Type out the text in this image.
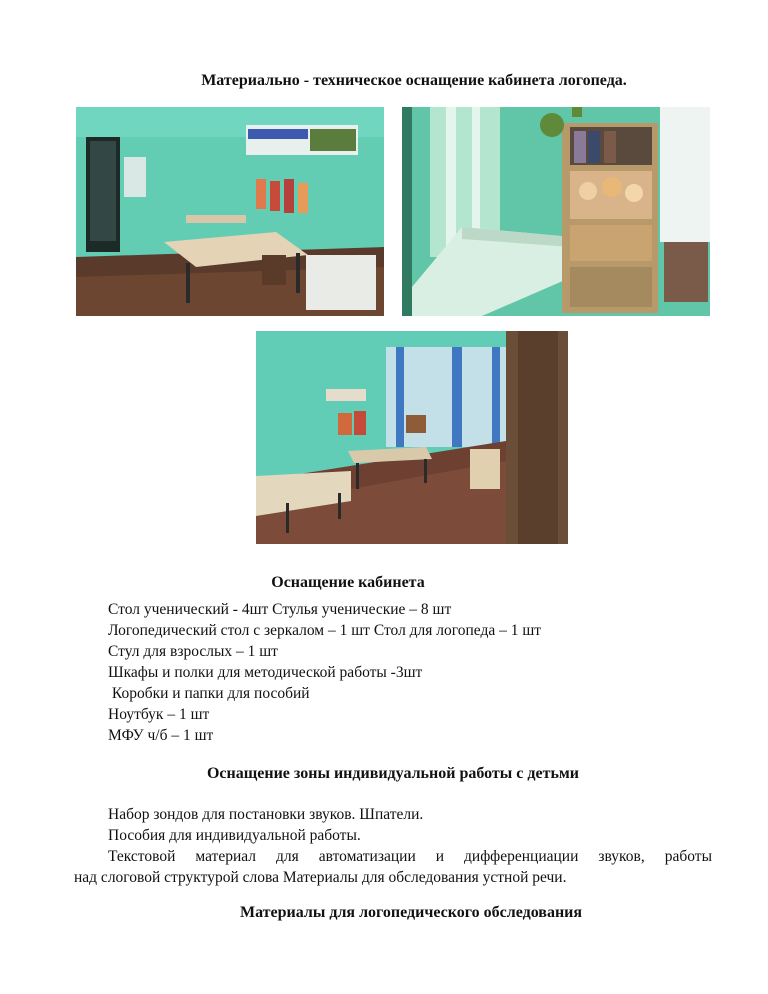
Материально - техническое оснащение кабинета логопеда.
Оснащение кабинета
Стол ученический - 4шт Стулья ученические – 8 шт
Логопедический стол с зеркалом – 1 шт Стол для логопеда – 1 шт
Стул для взрослых – 1 шт
Шкафы и полки для методической работы -3шт
Коробки и папки для пособий
Ноутбук – 1 шт
МФУ ч/б – 1 шт
Оснащение зоны индивидуальной работы с детьми
Набор зондов для постановки звуков. Шпатели.
Пособия для индивидуальной работы.
Текстовой материал для автоматизации и дифференциации звуков, работы
над слоговой структурой слова Материалы для обследования устной речи.
Материалы для логопедического обследования
